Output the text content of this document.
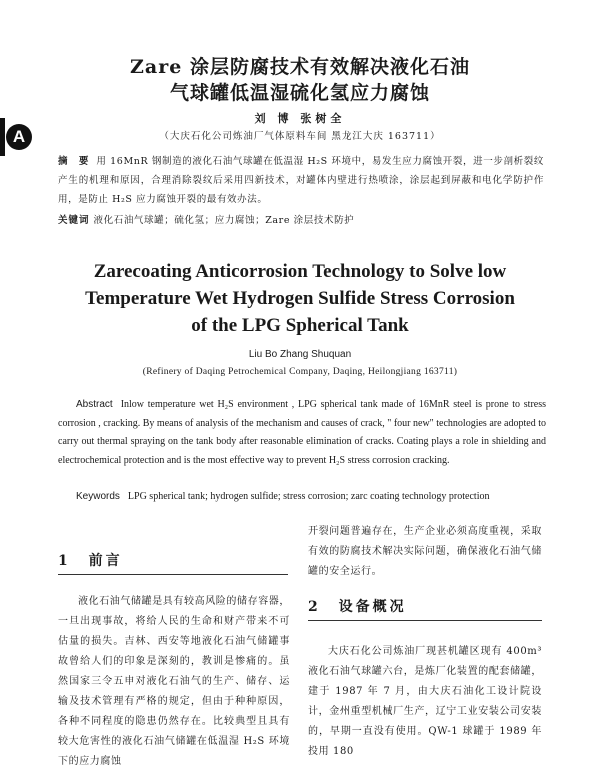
A
Zare 涂层防腐技术有效解决液化石油
气球罐低温湿硫化氢应力腐蚀
刘 博 张树全
（大庆石化公司炼油厂气体原料车间 黑龙江大庆 163711）
摘 要 用 16MnR 钢制造的液化石油气球罐在低温湿 H₂S 环境中，易发生应力腐蚀开裂，进一步剖析裂纹产生的机理和原因，合理消除裂纹后采用四新技术，对罐体内壁进行热喷涂，涂层起到屏蔽和电化学防护作用，是防止 H₂S 应力腐蚀开裂的最有效办法。
关键词 液化石油气球罐；硫化氢；应力腐蚀；Zare 涂层技术防护
Zarecoating Anticorrosion Technology to Solve low
Temperature Wet Hydrogen Sulfide Stress Corrosion
of the LPG Spherical Tank
Liu Bo Zhang Shuquan
(Refinery of Daqing Petrochemical Company, Daqing, Heilongjiang 163711)
Abstract Inlow temperature wet H₂S environment , LPG spherical tank made of 16MnR steel is prone to stress corrosion , cracking. By means of analysis of the mechanism and causes of crack, " four new" technologies are adopted to carry out thermal spraying on the tank body after reasonable elimination of cracks. Coating plays a role in shielding and electrochemical protection and is the most effective way to prevent H₂S stress corrosion cracking.
Keywords LPG spherical tank; hydrogen sulfide; stress corrosion; zarc coating technology protection
1 前言
液化石油气储罐是具有较高风险的储存容器，一旦出现事故，将给人民的生命和财产带来不可估量的损失。吉林、西安等地液化石油气储罐事故曾给人们的印象是深刻的，教训是惨痛的。虽然国家三令五申对液化石油气的生产、储存、运输及技术管理有严格的规定，但由于种种原因，各种不同程度的隐患仍然存在。比较典型且具有较大危害性的液化石油气储罐在低温湿 H₂S 环境下的应力腐蚀
开裂问题普遍存在，生产企业必须高度重视，采取有效的防腐技术解决实际问题，确保液化石油气储罐的安全运行。
2 设备概况
大庆石化公司炼油厂现甚机罐区现有 400m³ 液化石油气球罐六台，是炼厂化装置的配套储罐，建于 1987 年 7 月，由大庆石油化工设计院设计，金州重型机械厂生产，辽宁工业安装公司安装的，早期一直没有使用。QW-1 球罐于 1989 年投用 180
